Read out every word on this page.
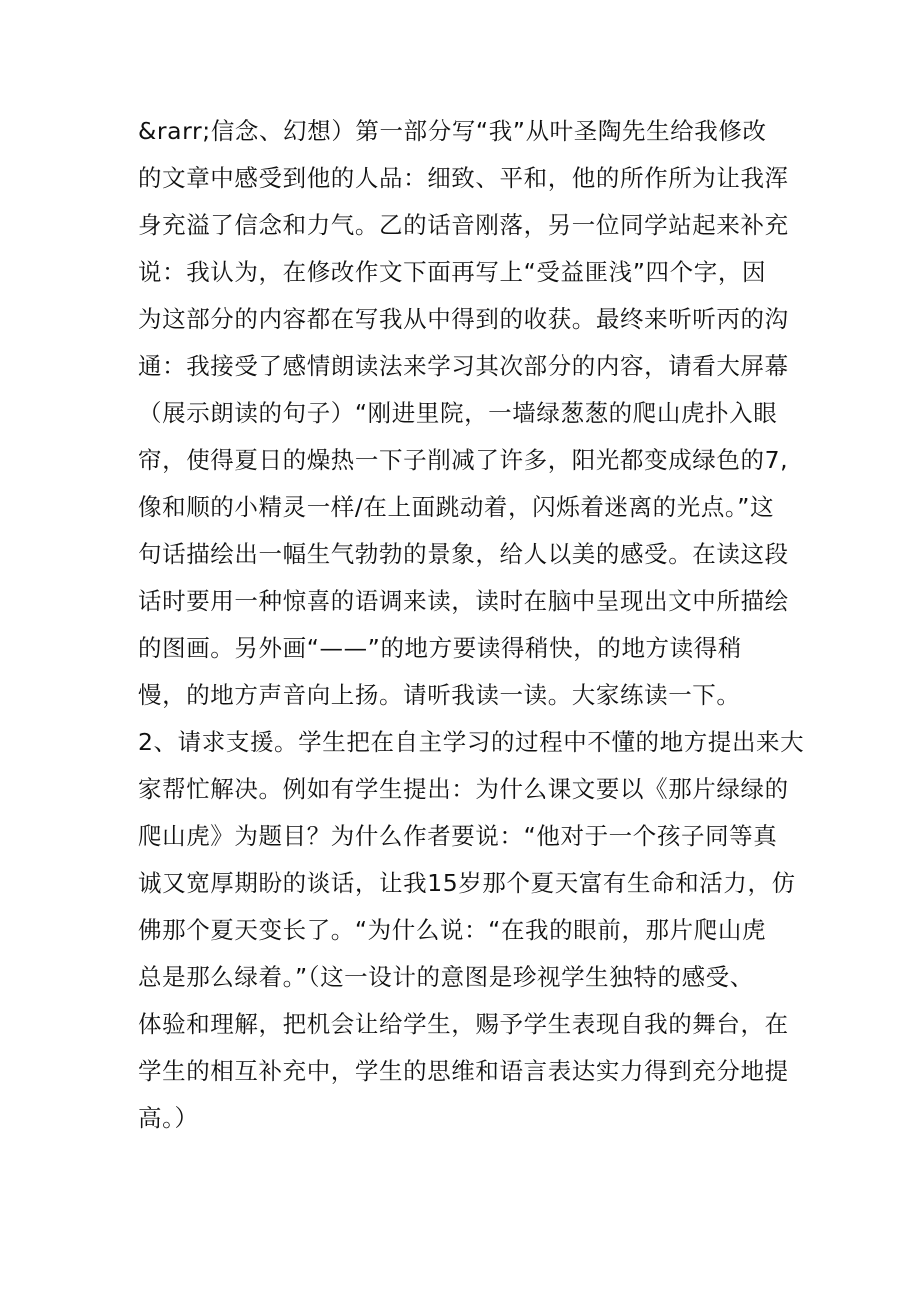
&rarr;信念、幻想）第一部分写“我”从叶圣陶先生给我修改
的文章中感受到他的人品：细致、平和，他的所作所为让我浑
身充溢了信念和力气。乙的话音刚落，另一位同学站起来补充
说：我认为，在修改作文下面再写上“受益匪浅”四个字，因
为这部分的内容都在写我从中得到的收获。最终来听听丙的沟
通：我接受了感情朗读法来学习其次部分的内容，请看大屏幕
（展示朗读的句子）“刚进里院，一墙绿葱葱的爬山虎扑入眼
帘，使得夏日的燥热一下子削减了许多，阳光都变成绿色的7,
像和顺的小精灵一样/在上面跳动着，闪烁着迷离的光点。”这
句话描绘出一幅生气勃勃的景象，给人以美的感受。在读这段
话时要用一种惊喜的语调来读，读时在脑中呈现出文中所描绘
的图画。另外画“——”的地方要读得稍快，的地方读得稍
慢，的地方声音向上扬。请听我读一读。大家练读一下。
2、请求支援。学生把在自主学习的过程中不懂的地方提出来大
家帮忙解决。例如有学生提出：为什么课文要以《那片绿绿的
爬山虎》为题目？为什么作者要说：“他对于一个孩子同等真
诚又宽厚期盼的谈话，让我15岁那个夏天富有生命和活力，仿
佛那个夏天变长了。“为什么说：“在我的眼前，那片爬山虎
总是那么绿着。”（这一设计的意图是珍视学生独特的感受、
体验和理解，把机会让给学生，赐予学生表现自我的舞台，在
学生的相互补充中，学生的思维和语言表达实力得到充分地提
高。）
